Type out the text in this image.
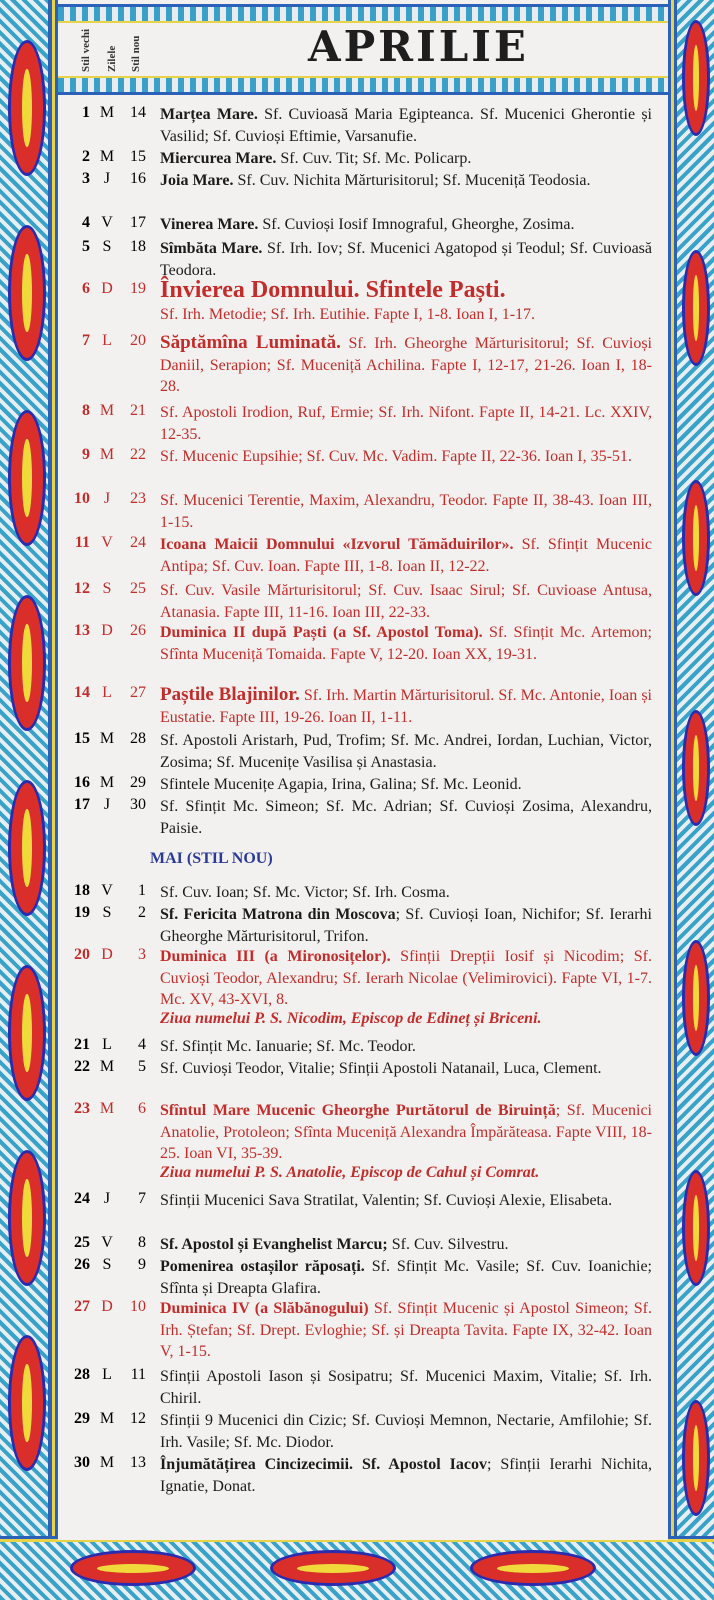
Stil vechi Zilele Stil nou	APRILIE
MAI (STIL NOU)
1 M 14 Marțea Mare. Sf. Cuvioasă Maria Egipteanca. Sf. Mucenici Gherontie și Vasilid; Sf. Cuvioși Eftimie, Varsanufie.
2 M 15 Miercurea Mare. Sf. Cuv. Tit; Sf. Mc. Policarp.
3 J	16 Joia Mare. Sf. Cuv. Nichita Mărturisitorul; Sf. Muceniță Teodosia.
4 V	17 Vinerea Mare. Sf. Cuvioși Iosif Imnograful, Gheorghe, Zosima.
5 S	18 Sîmbăta Mare. Sf. Irh. Iov; Sf. Mucenici Agatopod și Teodul; Sf. Cuvioasă Teodora.
6 D	19 Învierea Domnului. Sfintele Paști.
Sf. Irh. Metodie; Sf. Irh. Eutihie. Fapte I, 1-8. Ioan I, 1-17.
7 L	20 Săptămîna Luminată. Sf. Irh. Gheorghe Mărturisitorul; Sf. Cuvioși Daniil, Serapion; Sf. Muceniță Achilina. Fapte I, 12-17, 21-26. Ioan I, 18-28.
8 M 21 Sf. Apostoli Irodion, Ruf, Ermie; Sf. Irh. Nifont. Fapte II, 14-21. Lc. XXIV, 12-35.
9 M 22 Sf. Mucenic Eupsihie; Sf. Cuv. Mc. Vadim. Fapte II, 22-36. Ioan I, 35-51.
10 J	23 Sf. Mucenici Terentie, Maxim, Alexandru, Teodor. Fapte II, 38-43. Ioan III, 1-15.
11 V	24 Icoana Maicii Domnului «Izvorul Tămăduirilor». Sf. Sfințit Mucenic Antipa; Sf. Cuv. Ioan. Fapte III, 1-8. Ioan II, 12-22.
12 S	25 Sf. Cuv. Vasile Mărturisitorul; Sf. Cuv. Isaac Sirul; Sf. Cuvioase Antusa, Atanasia. Fapte III, 11-16. Ioan III, 22-33.
13 D	26 Duminica II după Paști (a Sf. Apostol Toma). Sf. Sfințit Mc. Artemon; Sfînta Muceniță Tomaida. Fapte V, 12-20. Ioan XX, 19-31.
14 L	27 Paștile Blajinilor. Sf. Irh. Martin Mărturisitorul. Sf. Mc. Antonie, Ioan și Eustatie. Fapte III, 19-26. Ioan II, 1-11.
15 M 28 Sf. Apostoli Aristarh, Pud, Trofim; Sf. Mc. Andrei, Iordan, Luchian, Victor, Zosima; Sf. Mucenițe Vasilisa și Anastasia.
16 M 29 Sfintele Mucenițe Agapia, Irina, Galina; Sf. Mc. Leonid.
17 J	30 Sf. Sfințit Mc. Simeon; Sf. Mc. Adrian; Sf. Cuvioși Zosima, Alexandru, Paisie.
18 V	1 Sf. Cuv. Ioan; Sf. Mc. Victor; Sf. Irh. Cosma.
19 S	2 Sf. Fericita Matrona din Moscova; Sf. Cuvioși Ioan, Nichifor; Sf. Ierarhi Gheorghe Mărturisitorul, Trifon.
20 D	3 Duminica III (a Mironosițelor). Sfinții Drepții Iosif și Nicodim; Sf. Cuvioși Teodor, Alexandru; Sf. Ierarh Nicolae (Velimirovici). Fapte VI, 1-7. Mc. XV, 43-XVI, 8.
Ziua numelui P. S. Nicodim, Episcop de Edineț și Briceni.
21 L	4 Sf. Sfințit Mc. Ianuarie; Sf. Mc. Teodor.
22 M	5 Sf. Cuvioși Teodor, Vitalie; Sfinții Apostoli Natanail, Luca, Clement.
23 M	6 Sfîntul Mare Mucenic Gheorghe Purtătorul de Biruință; Sf. Mucenici Anatolie, Protoleon; Sfînta Muceniță Alexandra Împărăteasa. Fapte VIII, 18-25. Ioan VI, 35-39.
Ziua numelui P. S. Anatolie, Episcop de Cahul și Comrat.
24 J	7 Sfinții Mucenici Sava Stratilat, Valentin; Sf. Cuvioși Alexie, Elisabeta.
25 V	8 Sf. Apostol și Evanghelist Marcu; Sf. Cuv. Silvestru.
26 S	9 Pomenirea ostașilor răposați. Sf. Sfințit Mc. Vasile; Sf. Cuv. Ioanichie; Sfînta și Dreapta Glafira.
27 D	10 Duminica IV (a Slăbănogului) Sf. Sfințit Mucenic și Apostol Simeon; Sf. Irh. Ștefan; Sf. Drept. Evloghie; Sf. și Dreapta Tavita. Fapte IX, 32-42. Ioan V, 1-15.
28 L	11 Sfinții Apostoli Iason și Sosipatru; Sf. Mucenici Maxim, Vitalie; Sf. Irh. Chiril.
29 M 12 Sfinții 9 Mucenici din Cizic; Sf. Cuvioși Memnon, Nectarie, Amfilohie; Sf. Irh. Vasile; Sf. Mc. Diodor.
30 M 13 Înjumătățirea Cincizecimii. Sf. Apostol Iacov; Sfinții Ierarhi Nichita, Ignatie, Donat.
